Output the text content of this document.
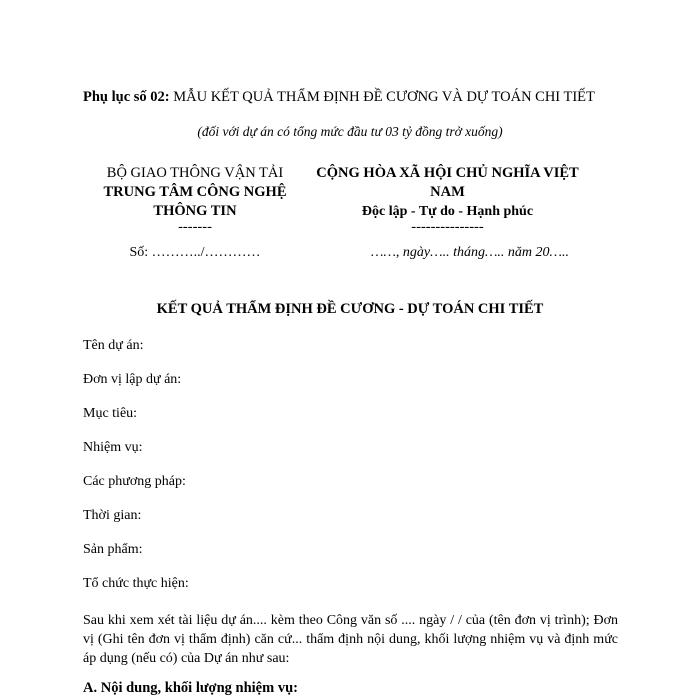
Phụ lục số 02: MẪU KẾT QUẢ THẨM ĐỊNH ĐỀ CƯƠNG VÀ DỰ TOÁN CHI TIẾT
(đối với dự án có tổng mức đầu tư 03 tỷ đồng trở xuống)
BỘ GIAO THÔNG VẬN TẢI
TRUNG TÂM CÔNG NGHỆ
THÔNG TIN
-------
CỘNG HÒA XÃ HỘI CHỦ NGHĨA VIỆT
NAM
Độc lập - Tự do - Hạnh phúc
---------------
Số: ………../…………	……, ngày….. tháng….. năm 20…..
KẾT QUẢ THẨM ĐỊNH ĐỀ CƯƠNG - DỰ TOÁN CHI TIẾT
Tên dự án:
Đơn vị lập dự án:
Mục tiêu:
Nhiệm vụ:
Các phương pháp:
Thời gian:
Sản phẩm:
Tổ chức thực hiện:
Sau khi xem xét tài liệu dự án.... kèm theo Công văn số .... ngày / / của (tên đơn vị trình); Đơn vị (Ghi tên đơn vị thẩm định) căn cứ... thẩm định nội dung, khối lượng nhiệm vụ và định mức áp dụng (nếu có) của Dự án như sau:
A. Nội dung, khối lượng nhiệm vụ:
